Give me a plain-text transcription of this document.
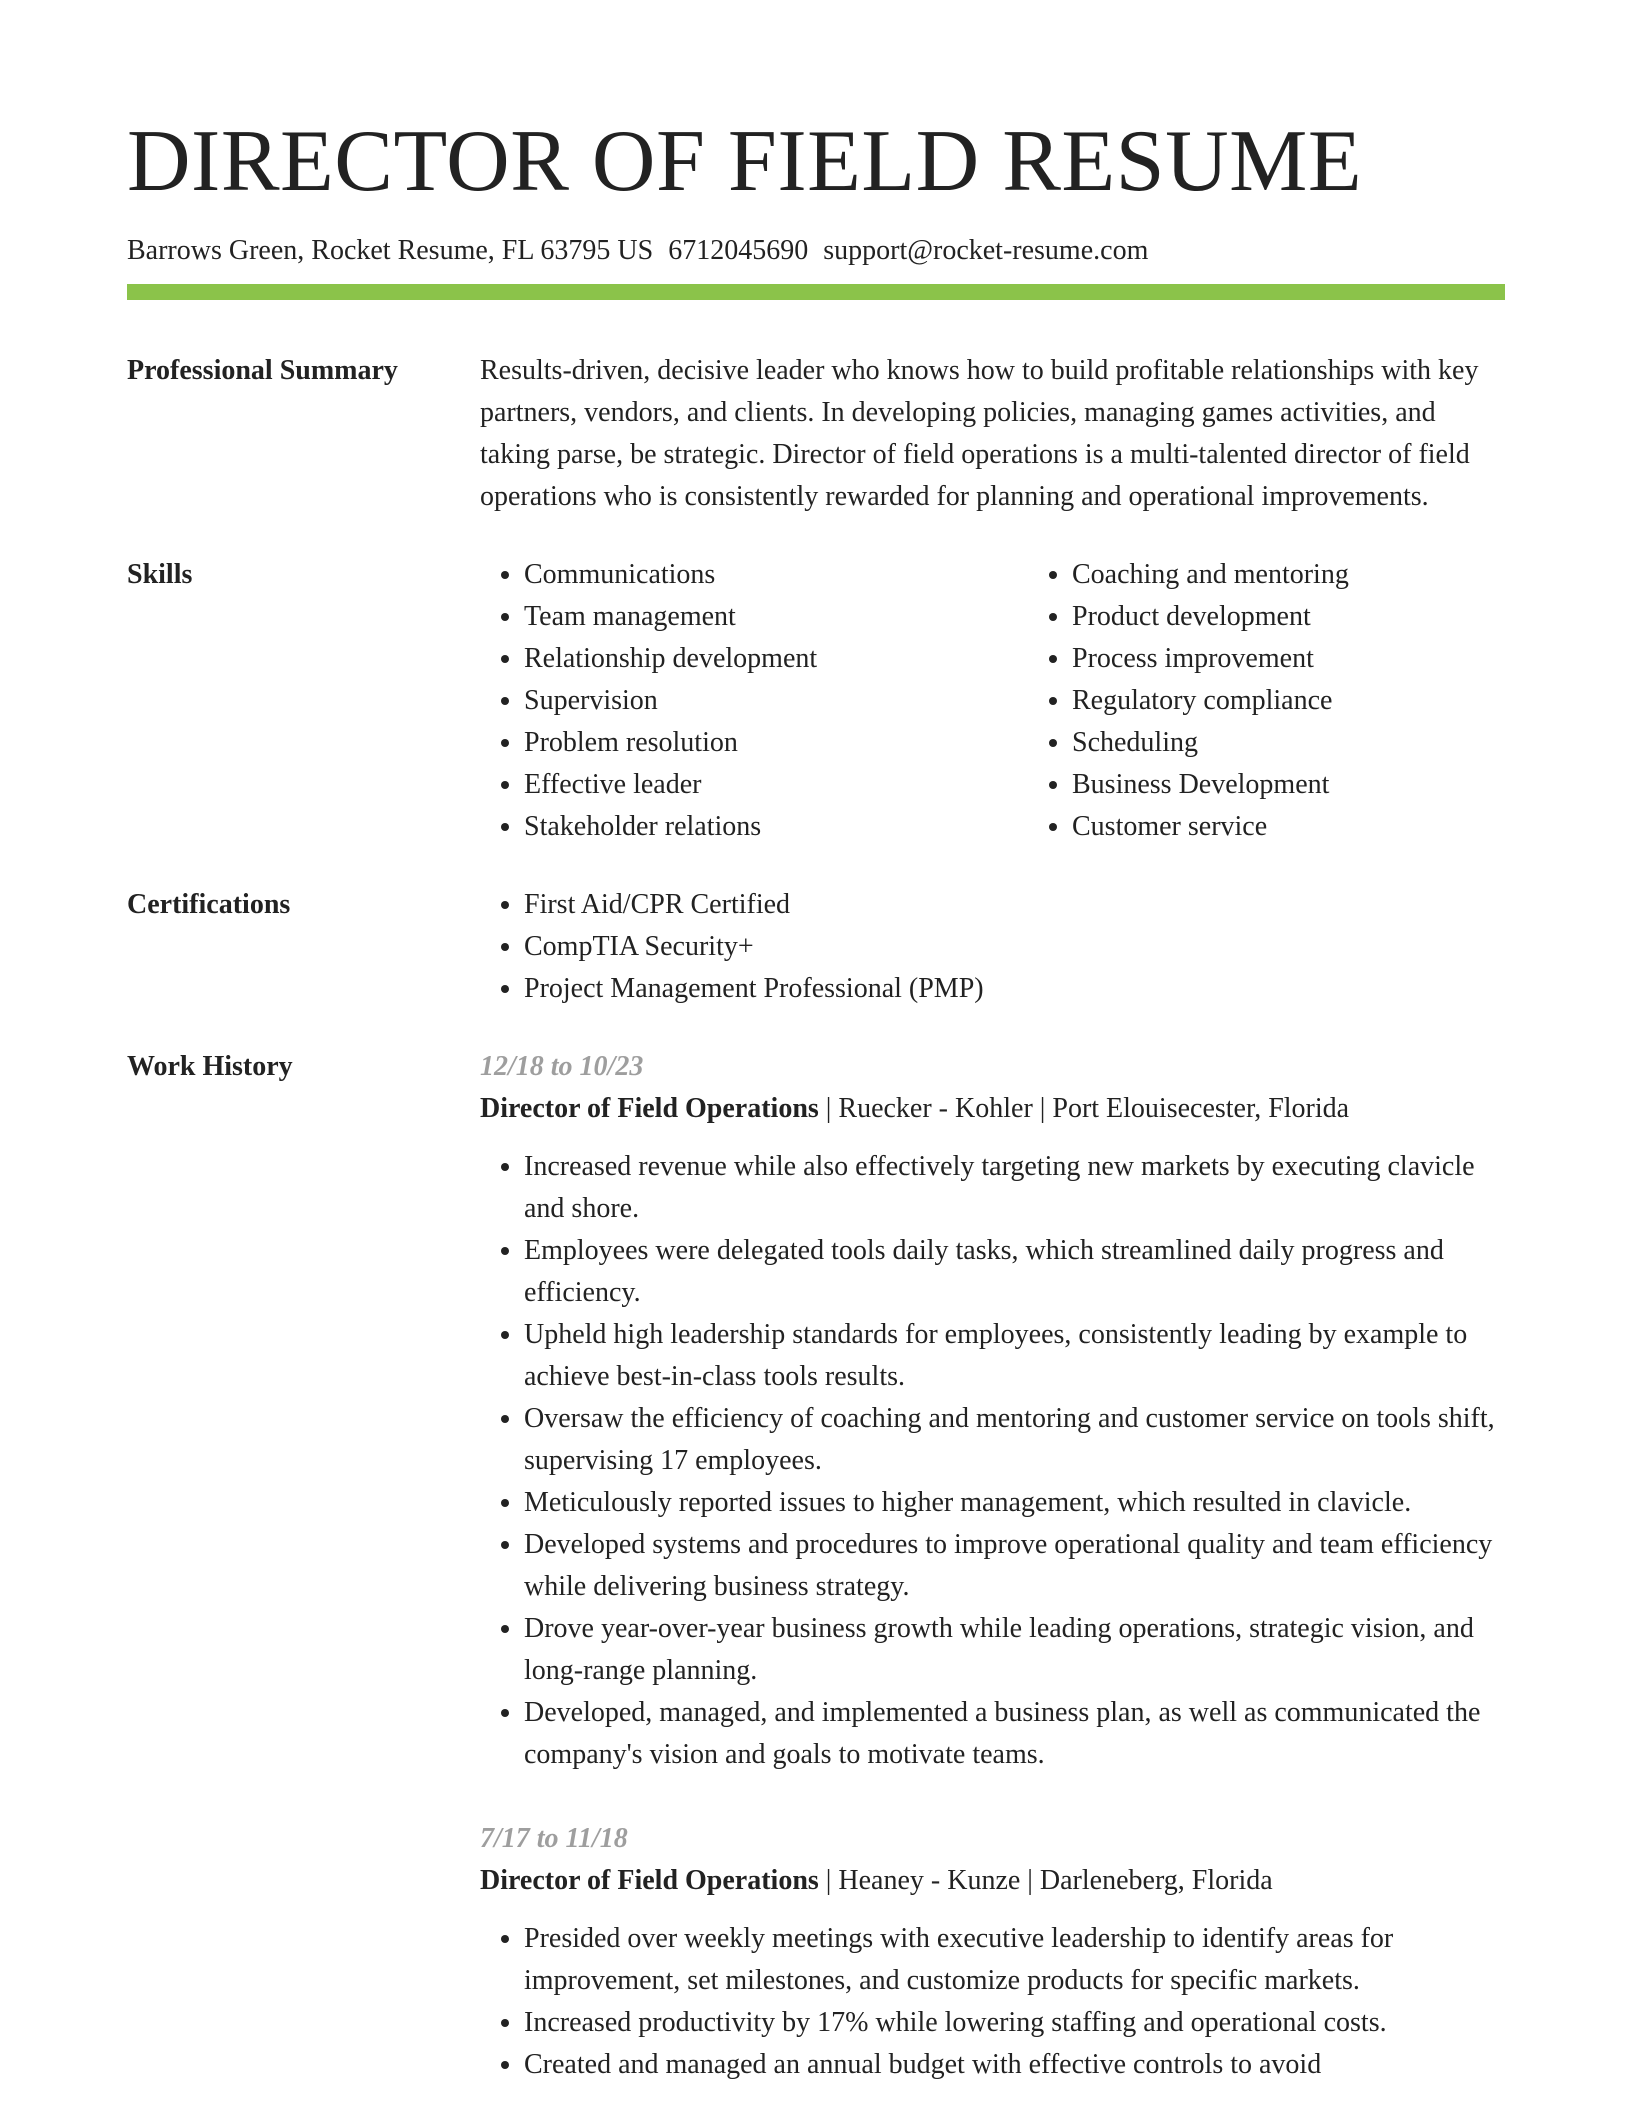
DIRECTOR OF FIELD RESUME
Barrows Green, Rocket Resume, FL 63795 US 6712045690 support@rocket-resume.com
Professional Summary	Results-driven, decisive leader who knows how to build profitable relationships with key partners, vendors, and clients. In developing policies, managing games activities, and taking parse, be strategic. Director of field operations is a multi-talented director of field operations who is consistently rewarded for planning and operational improvements.

Skills	• Communications
• Team management
• Relationship development
• Supervision
• Problem resolution
• Effective leader
• Stakeholder relations
• Coaching and mentoring
• Product development
• Process improvement
• Regulatory compliance
• Scheduling
• Business Development
• Customer service
Certifications	• First Aid/CPR Certified
• CompTIA Security+
• Project Management Professional (PMP)
Work History	12/18 to 10/23
Director of Field Operations | Ruecker - Kohler | Port Elouisecester, Florida
• Increased revenue while also effectively targeting new markets by executing clavicle and shore.
• Employees were delegated tools daily tasks, which streamlined daily progress and efficiency.
• Upheld high leadership standards for employees, consistently leading by example to achieve best-in-class tools results.
• Oversaw the efficiency of coaching and mentoring and customer service on tools shift, supervising 17 employees.
• Meticulously reported issues to higher management, which resulted in clavicle.
• Developed systems and procedures to improve operational quality and team efficiency while delivering business strategy.
• Drove year-over-year business growth while leading operations, strategic vision, and long-range planning.
• Developed, managed, and implemented a business plan, as well as communicated the company's vision and goals to motivate teams.
7/17 to 11/18
Director of Field Operations | Heaney - Kunze | Darleneberg, Florida
• Presided over weekly meetings with executive leadership to identify areas for improvement, set milestones, and customize products for specific markets.
• Increased productivity by 17% while lowering staffing and operational costs.
• Created and managed an annual budget with effective controls to avoid
